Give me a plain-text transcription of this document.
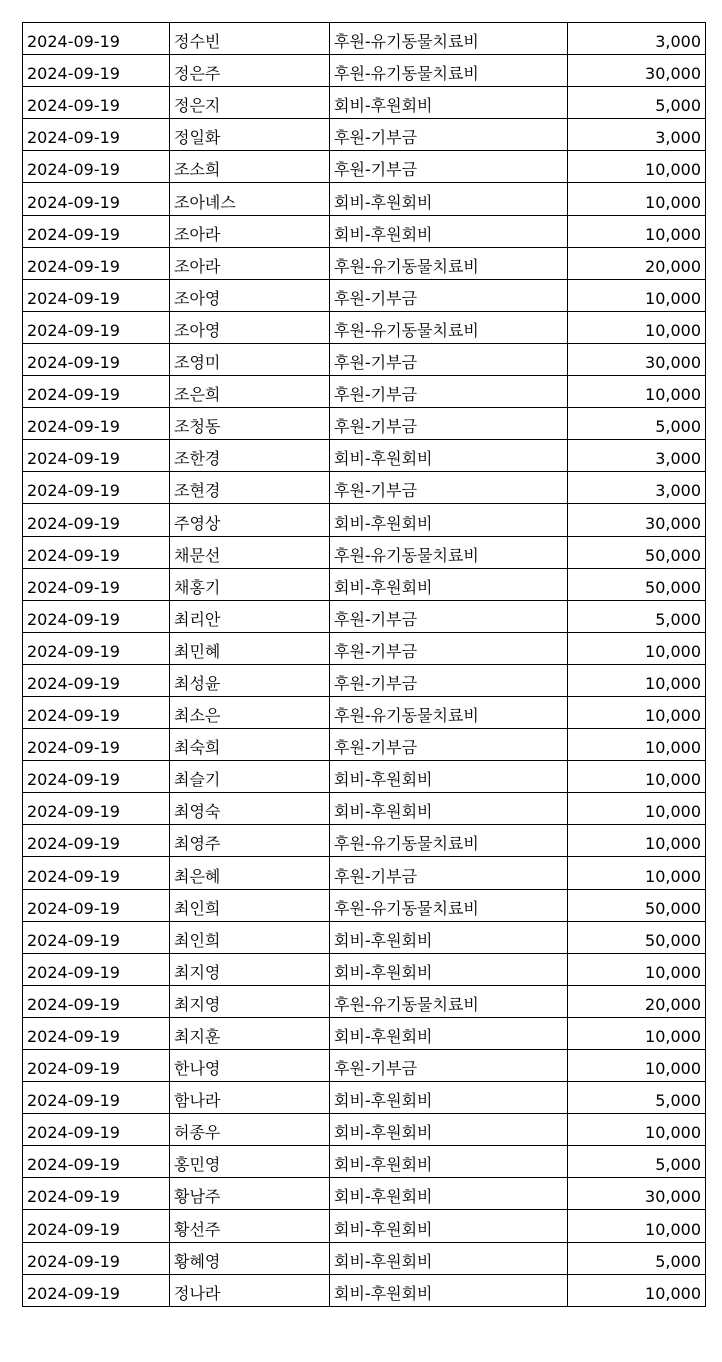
2024-09-19	정수빈	후원-유기동물치료비	3,000
2024-09-19	정은주	후원-유기동물치료비	30,000
2024-09-19	정은지	회비-후원회비	5,000
2024-09-19	정일화	후원-기부금	3,000
2024-09-19	조소희	후원-기부금	10,000
2024-09-19	조아녜스	회비-후원회비	10,000
2024-09-19	조아라	회비-후원회비	10,000
2024-09-19	조아라	후원-유기동물치료비	20,000
2024-09-19	조아영	후원-기부금	10,000
2024-09-19	조아영	후원-유기동물치료비	10,000
2024-09-19	조영미	후원-기부금	30,000
2024-09-19	조은희	후원-기부금	10,000
2024-09-19	조청동	후원-기부금	5,000
2024-09-19	조한경	회비-후원회비	3,000
2024-09-19	조현경	후원-기부금	3,000
2024-09-19	주영상	회비-후원회비	30,000
2024-09-19	채문선	후원-유기동물치료비	50,000
2024-09-19	채홍기	회비-후원회비	50,000
2024-09-19	최리안	후원-기부금	5,000
2024-09-19	최민혜	후원-기부금	10,000
2024-09-19	최성윤	후원-기부금	10,000
2024-09-19	최소은	후원-유기동물치료비	10,000
2024-09-19	최숙희	후원-기부금	10,000
2024-09-19	최슬기	회비-후원회비	10,000
2024-09-19	최영숙	회비-후원회비	10,000
2024-09-19	최영주	후원-유기동물치료비	10,000
2024-09-19	최은혜	후원-기부금	10,000
2024-09-19	최인희	후원-유기동물치료비	50,000
2024-09-19	최인희	회비-후원회비	50,000
2024-09-19	최지영	회비-후원회비	10,000
2024-09-19	최지영	후원-유기동물치료비	20,000
2024-09-19	최지훈	회비-후원회비	10,000
2024-09-19	한나영	후원-기부금	10,000
2024-09-19	함나라	회비-후원회비	5,000
2024-09-19	허종우	회비-후원회비	10,000
2024-09-19	홍민영	회비-후원회비	5,000
2024-09-19	황남주	회비-후원회비	30,000
2024-09-19	황선주	회비-후원회비	10,000
2024-09-19	황혜영	회비-후원회비	5,000
2024-09-19	정나라	회비-후원회비	10,000
